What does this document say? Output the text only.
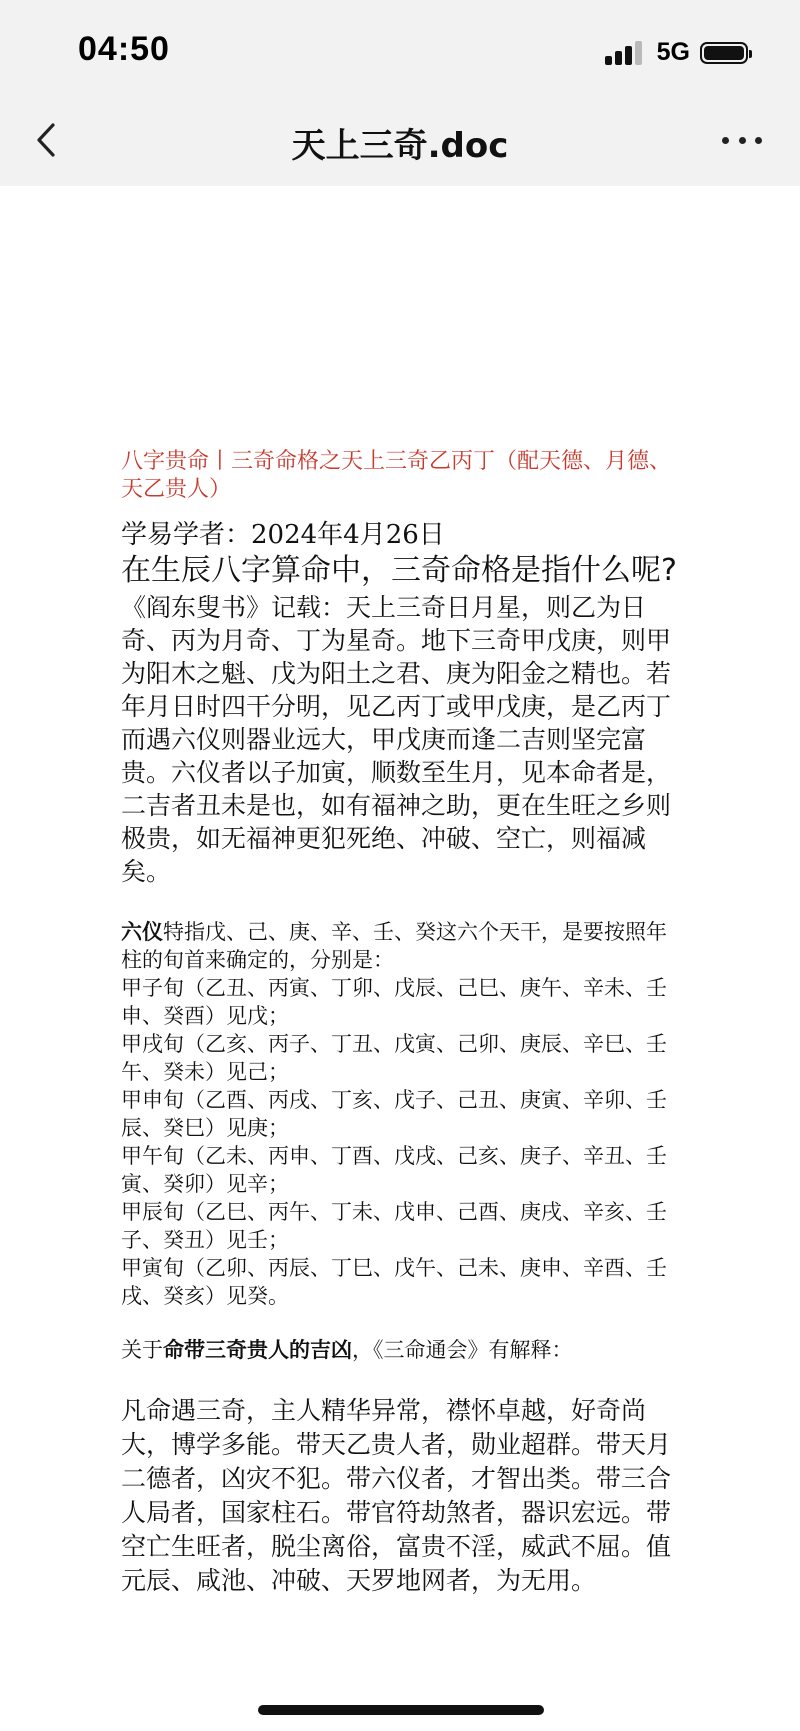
04:50	5G
天上三奇.doc

八字贵命丨三奇命格之天上三奇乙丙丁（配天德、月德、天乙贵人）

学易学者：2024年4月26日
在生辰八字算命中，三奇命格是指什么呢?

《阎东叟书》记载：天上三奇日月星，则乙为日奇、丙为月奇、丁为星奇。地下三奇甲戊庚，则甲为阳木之魁、戊为阳土之君、庚为阳金之精也。若年月日时四干分明，见乙丙丁或甲戊庚，是乙丙丁而遇六仪则器业远大，甲戊庚而逢二吉则坚完富贵。六仪者以子加寅，顺数至生月，见本命者是，二吉者丑未是也，如有福神之助，更在生旺之乡则极贵，如无福神更犯死绝、冲破、空亡，则福减矣。

六仪特指戊、己、庚、辛、壬、癸这六个天干，是要按照年柱的旬首来确定的，分别是：

甲子旬（乙丑、丙寅、丁卯、戊辰、己巳、庚午、辛未、壬申、癸酉）见戊；
甲戌旬（乙亥、丙子、丁丑、戊寅、己卯、庚辰、辛巳、壬午、癸未）见己；
甲申旬（乙酉、丙戌、丁亥、戊子、己丑、庚寅、辛卯、壬辰、癸巳）见庚；
甲午旬（乙未、丙申、丁酉、戊戌、己亥、庚子、辛丑、壬寅、癸卯）见辛；
甲辰旬（乙巳、丙午、丁未、戊申、己酉、庚戌、辛亥、壬子、癸丑）见壬；
甲寅旬（乙卯、丙辰、丁巳、戊午、己未、庚申、辛酉、壬戌、癸亥）见癸。

关于命带三奇贵人的吉凶，《三命通会》有解释：

凡命遇三奇，主人精华异常，襟怀卓越，好奇尚大，博学多能。带天乙贵人者，勋业超群。带天月二德者，凶灾不犯。带六仪者，才智出类。带三合人局者，国家柱石。带官符劫煞者，器识宏远。带空亡生旺者，脱尘离俗，富贵不淫，威武不屈。值元辰、咸池、冲破、天罗地网者，为无用。
